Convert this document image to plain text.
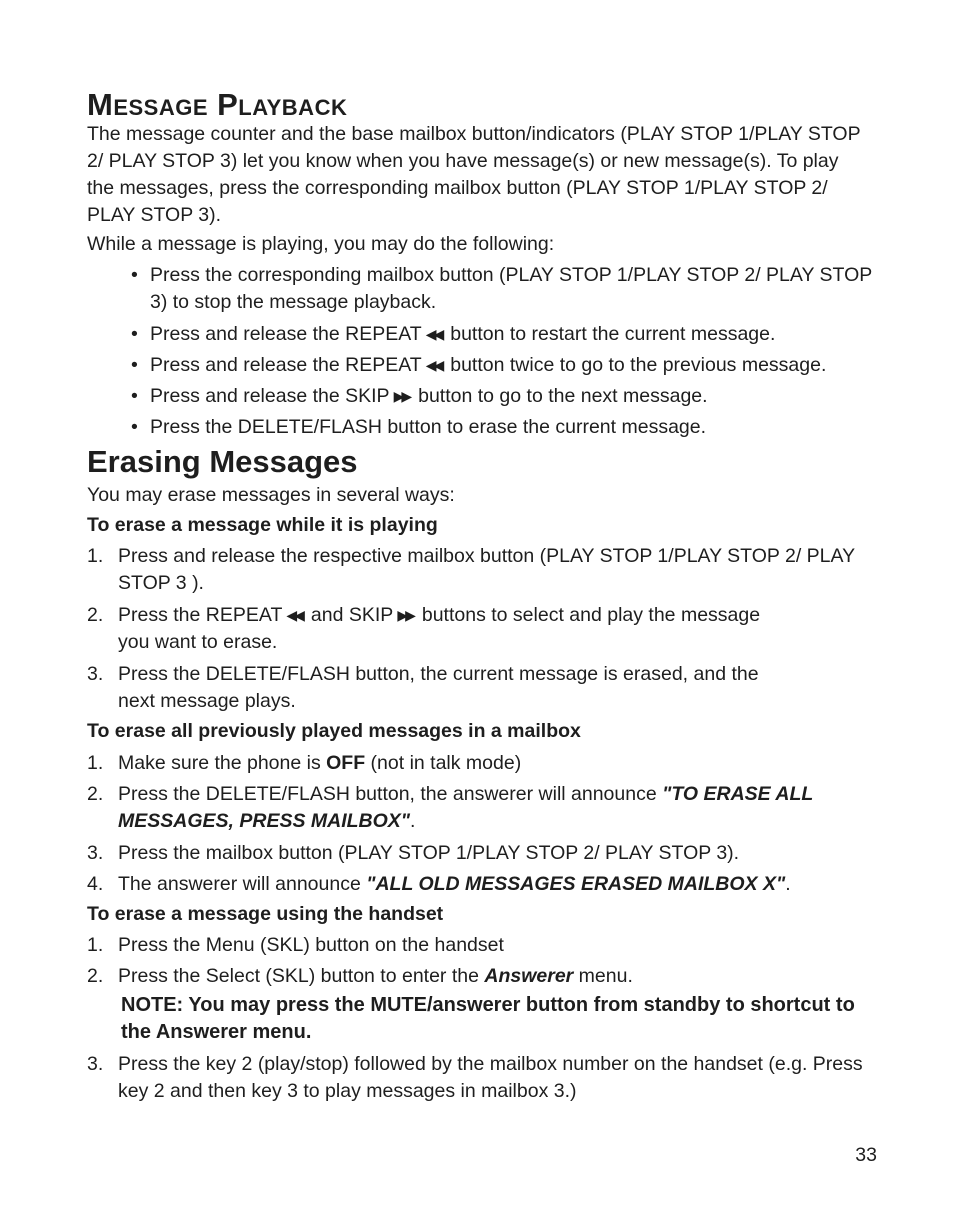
Message Playback

The message counter and the base mailbox button/indicators (PLAY STOP 1/PLAY STOP 2/ PLAY STOP 3) let you know when you have message(s) or new message(s). To play the messages, press the corresponding mailbox button (PLAY STOP 1/PLAY STOP 2/ PLAY STOP 3).

While a message is playing, you may do the following:

• Press the corresponding mailbox button (PLAY STOP 1/PLAY STOP 2/ PLAY STOP 3) to stop the message playback.
• Press and release the REPEAT ◀◀ button to restart the current message.
• Press and release the REPEAT ◀◀ button twice to go to the previous message.
• Press and release the SKIP ▶▶ button to go to the next message.
• Press the DELETE/FLASH button to erase the current message.
Erasing Messages

You may erase messages in several ways:

To erase a message while it is playing

1. Press and release the respective mailbox button (PLAY STOP 1/PLAY STOP 2/ PLAY STOP 3 ).
2. Press the REPEAT ◀◀ and SKIP ▶▶ buttons to select and play the message
you want to erase.
3. Press the DELETE/FLASH button, the current message is erased, and the
next message plays.

To erase all previously played messages in a mailbox

1. Make sure the phone is OFF (not in talk mode)
2. Press the DELETE/FLASH button, the answerer will announce "TO ERASE ALL
MESSAGES, PRESS MAILBOX".
3. Press the mailbox button (PLAY STOP 1/PLAY STOP 2/ PLAY STOP 3).
4. The answerer will announce "ALL OLD MESSAGES ERASED MAILBOX X".

To erase a message using the handset

1. Press the Menu (SKL) button on the handset
2. Press the Select (SKL) button to enter the Answerer menu.

NOTE: You may press the MUTE/answerer button from standby to shortcut to the Answerer menu.

3. Press the key 2 (play/stop) followed by the mailbox number on the handset (e.g. Press key 2 and then key 3 to play messages in mailbox 3.)
33
